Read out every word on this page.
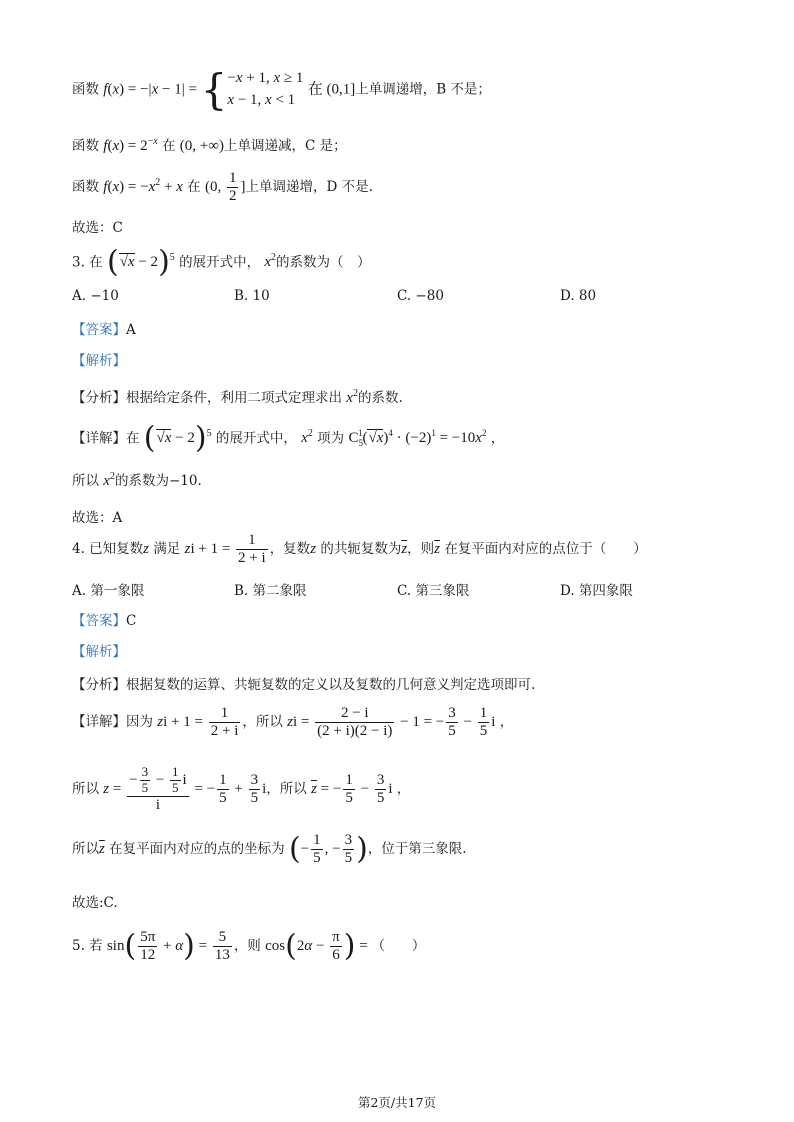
函数 f(x) = −|x − 1| = { −x + 1, x ≥ 1
x − 1, x < 1
在 (0,1]上单调递增，B 不是；
函数 $f(x) = 2^{-x}$ 在 (0, +∞)上单调递减，C 是；
函数 $f(x) = -x^2 + x$ 在 (0, $\frac{1}{2}$ ]上单调递增，D 不是.
故选：C
3. 在 $(√x - 2)^5$ 的展开式中， $x^2$的系数为（　）
A. −10	B. 10	C. −80	D. 80
【答案】A
【解析】
【分析】根据给定条件，利用二项式定理求出 $x^2$的系数.
【详解】在 $(√x - 2)^5$ 的展开式中， $x^2$ 项为 $C_5^1(√x)^4 \cdot (-2)^1 = -10x^2$ ，
所以 $x^2$的系数为−10.
故选：A
4. 已知复数z 满足 zi + $1 = \frac{1}{2 + i}$ ，复数z 的共轭复数为$\overline{z}$，则$\overline{z}$ 在复平面内对应的点位于（　　）
A. 第一象限	B. 第二象限	C. 第三象限	D. 第四象限
【答案】C
【解析】
【分析】根据复数的运算、共轭复数的定义以及复数的几何意义判定选项即可.
【详解】因为 zi + $1 = \frac{1}{2 + i}$ ，所以 zi = $\frac{2 - i}{(2 + i)(2 - i)} - 1$ = − $\frac{3}{5} - \frac{1}{5}$ i ，
所以 $z = \frac{- \frac{3}{5} - \frac{1}{5} i}{i}$ = − $\frac{1}{5} + \frac{3}{5}$ i，所以 $\overline{z}$ = − $\frac{1}{5} - \frac{3}{5}$ i ，
所以$\overline{z}$ 在复平面内对应的点的坐标为 (− $\frac{1}{5}$ , − $\frac{3}{5}$ )，位于第三象限.
故选:C.
5. 若 $\sin( \frac{5\pi}{12} + \alpha) = \frac{5}{13}$ ，则 $\cos(2\alpha - \frac{\pi}{6}$ ) = （　　）
第2页/共17页
